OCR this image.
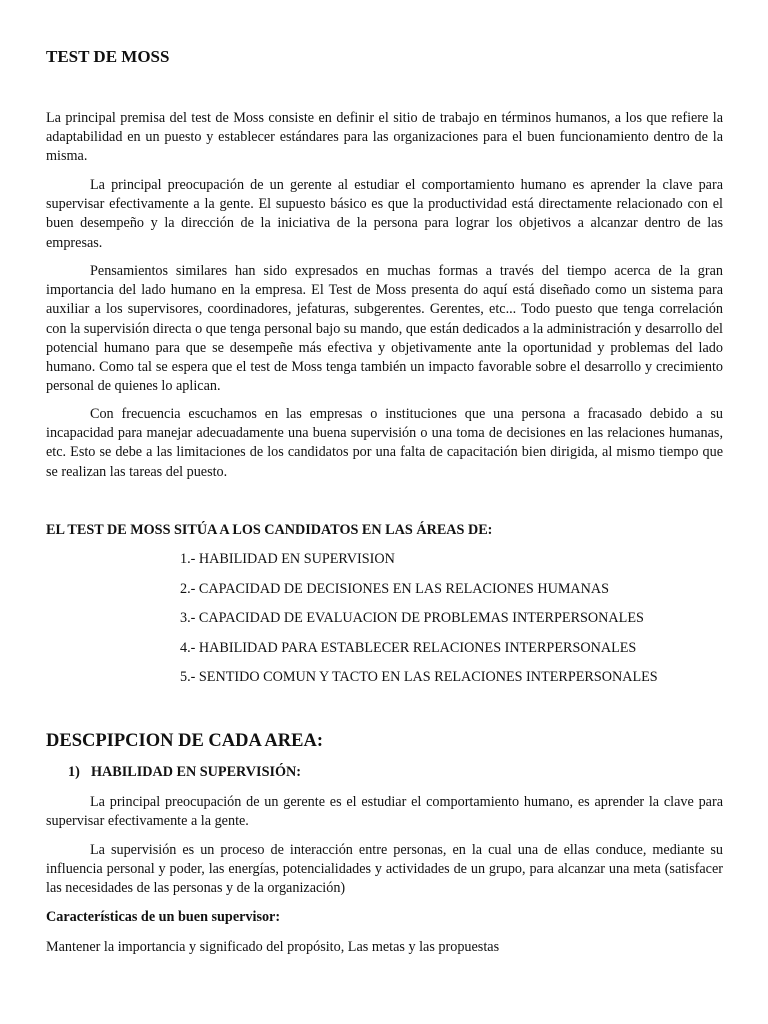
TEST DE MOSS

La principal premisa del test de Moss consiste en definir el sitio de trabajo en términos humanos, a los que refiere la adaptabilidad en un puesto y establecer estándares para las organizaciones para el buen funcionamiento dentro de la misma.

La principal preocupación de un gerente al estudiar el comportamiento humano es aprender la clave para supervisar efectivamente a la gente. El supuesto básico es que la productividad está directamente relacionado con el buen desempeño y la dirección de la iniciativa de la persona para lograr los objetivos a alcanzar dentro de las empresas.

Pensamientos similares han sido expresados en muchas formas a través del tiempo acerca de la gran importancia del lado humano en la empresa. El Test de Moss presenta do aquí está diseñado como un sistema para auxiliar a los supervisores, coordinadores, jefaturas, subgerentes. Gerentes, etc... Todo puesto que tenga correlación con la supervisión directa o que tenga personal bajo su mando, que están dedicados a la administración y desarrollo del potencial humano para que se desempeñe más efectiva y objetivamente ante la oportunidad y problemas del lado humano. Como tal se espera que el test de Moss tenga también un impacto favorable sobre el desarrollo y crecimiento personal de quienes lo aplican.

Con frecuencia escuchamos en las empresas o instituciones que una persona a fracasado debido a su incapacidad para manejar adecuadamente una buena supervisión o una toma de decisiones en las relaciones humanas, etc. Esto se debe a las limitaciones de los candidatos por una falta de capacitación bien dirigida, al mismo tiempo que se realizan las tareas del puesto.

EL TEST DE MOSS SITÚA A LOS CANDIDATOS EN LAS ÁREAS DE:

1.- HABILIDAD EN SUPERVISION
2.- CAPACIDAD DE DECISIONES EN LAS RELACIONES HUMANAS
3.- CAPACIDAD DE EVALUACION DE PROBLEMAS INTERPERSONALES
4.- HABILIDAD PARA ESTABLECER RELACIONES INTERPERSONALES
5.- SENTIDO COMUN Y TACTO EN LAS RELACIONES INTERPERSONALES
DESCPIPCION DE CADA AREA:

1) HABILIDAD EN SUPERVISIÓN:

La principal preocupación de un gerente es el estudiar el comportamiento humano, es aprender la clave para supervisar efectivamente a la gente.

La supervisión es un proceso de interacción entre personas, en la cual una de ellas conduce, mediante su influencia personal y poder, las energías, potencialidades y actividades de un grupo, para alcanzar una meta (satisfacer las necesidades de las personas y de la organización)

Características de un buen supervisor:

Mantener la importancia y significado del propósito, Las metas y las propuestas
